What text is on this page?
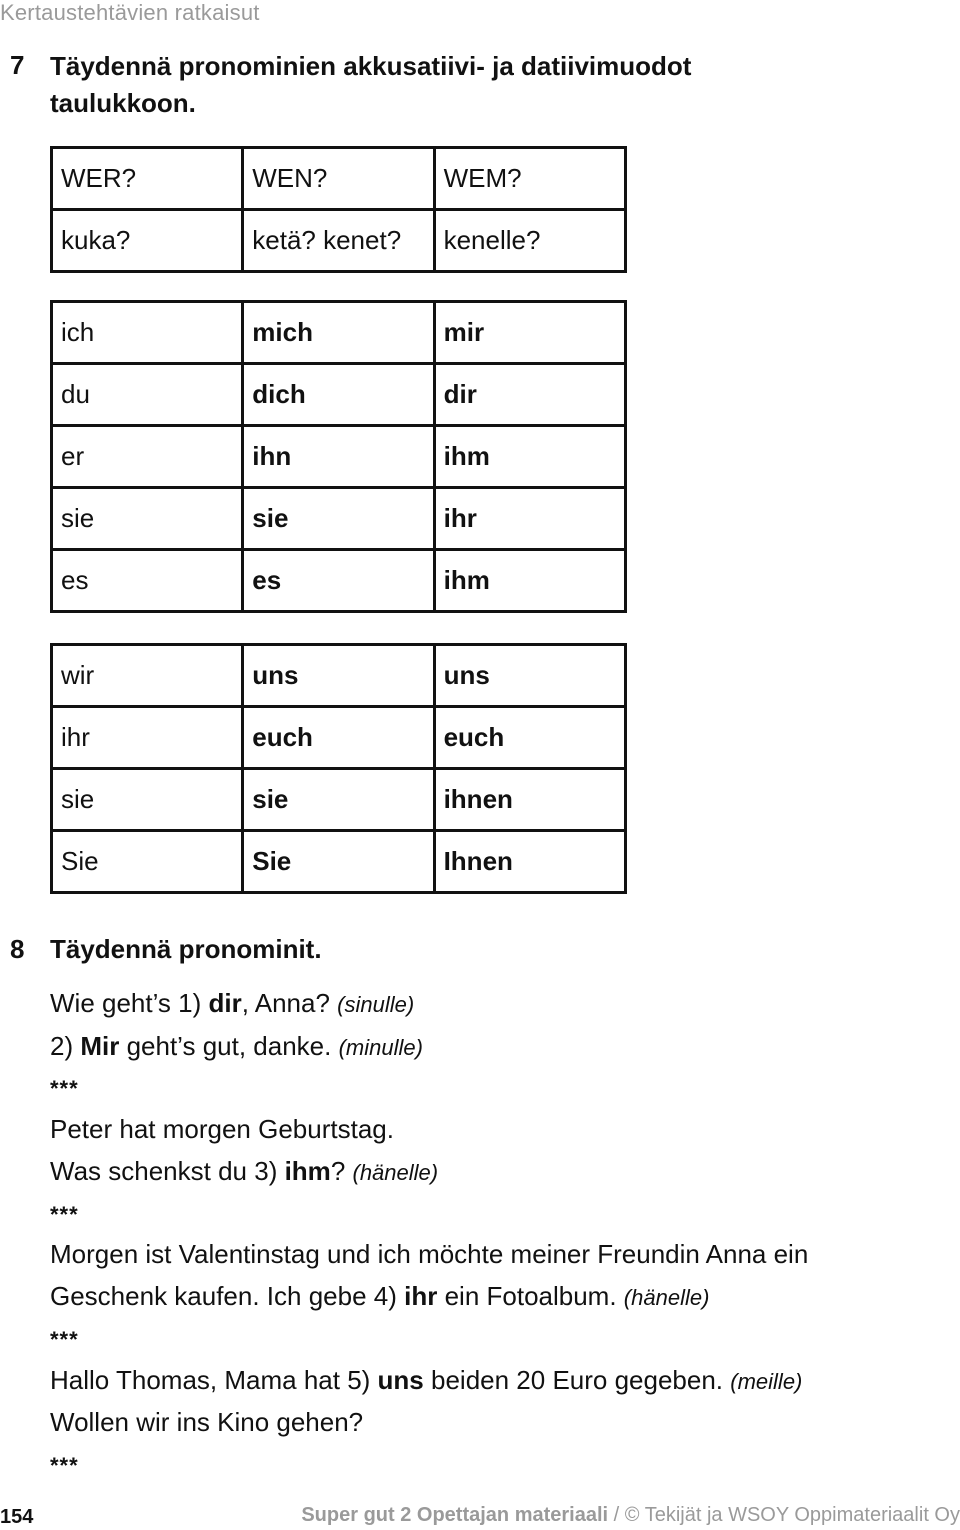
Kertaustehtävien ratkaisut
7 Täydennä pronominien akkusatiivi- ja datiivimuodot
taulukkoon.
WER?	WEN?	WEM?
kuka?	ketä? kenet?	kenelle?
ich	mich	mir
du	dich	dir
er	ihn	ihm
sie	sie	ihr
es	es	ihm
wir	uns	uns
ihr	euch	euch
sie	sie	ihnen
Sie	Sie	Ihnen
8 Täydennä pronominit.
Wie geht’s 1) dir, Anna? (sinulle)
2) Mir geht’s gut, danke. (minulle)
***
Peter hat morgen Geburtstag.
Was schenkst du 3) ihm? (hänelle)
***
Morgen ist Valentinstag und ich möchte meiner Freundin Anna ein
Geschenk kaufen. Ich gebe 4) ihr ein Fotoalbum. (hänelle)
***
Hallo Thomas, Mama hat 5) uns beiden 20 Euro gegeben. (meille)
Wollen wir ins Kino gehen?
***
154	Super gut 2 Opettajan materiaali / © Tekijät ja WSOY Oppimateriaalit Oy
